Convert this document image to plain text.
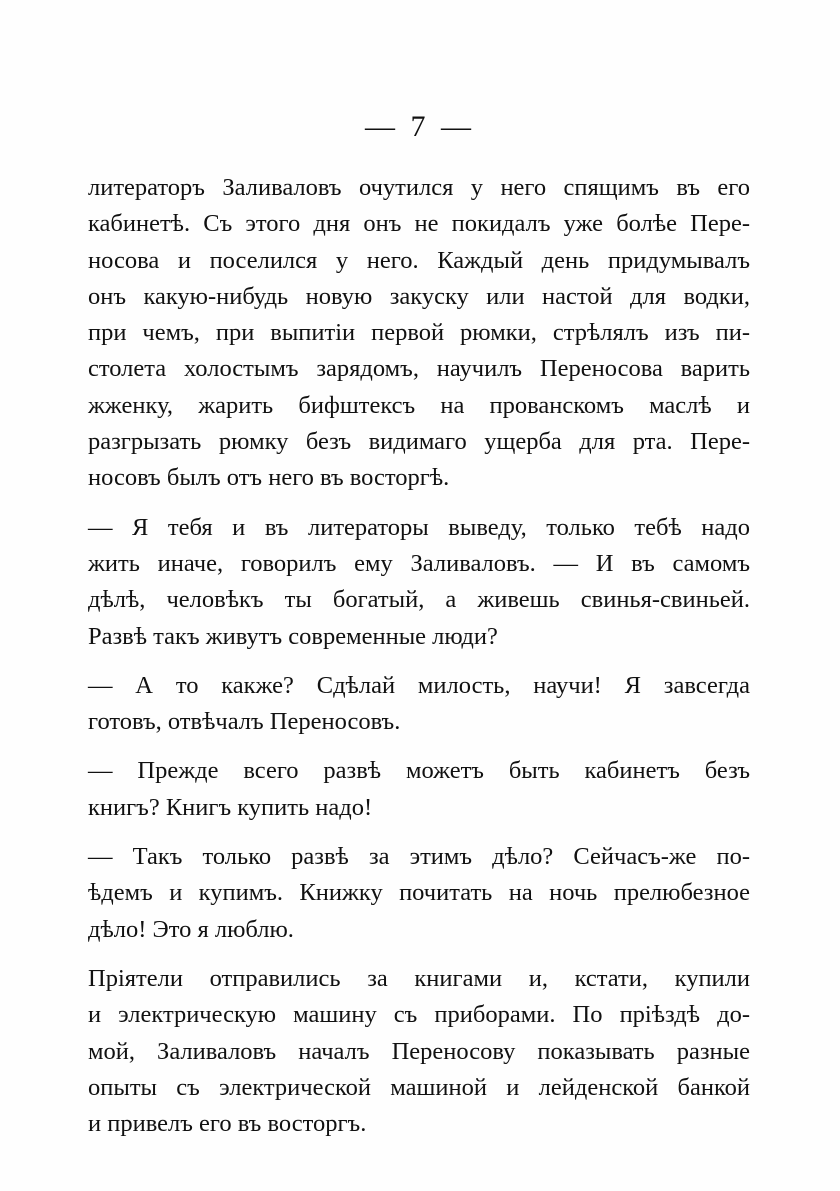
— 7 —
литераторъ Заливаловъ очутился у него спящимъ въ его
кабинетѣ. Съ этого дня онъ не покидалъ уже болѣе Пере-
носова и поселился у него. Каждый день придумывалъ
онъ какую-нибудь новую закуску или настой для водки,
при чемъ, при выпитіи первой рюмки, стрѣлялъ изъ пи-
столета холостымъ зарядомъ, научилъ Переносова варить
жженку, жарить бифштексъ на прованскомъ маслѣ и
разгрызать рюмку безъ видимаго ущерба для рта. Пере-
носовъ былъ отъ него въ восторгѣ.
— Я тебя и въ литераторы выведу, только тебѣ надо
жить иначе, говорилъ ему Заливаловъ. — И въ самомъ
дѣлѣ, человѣкъ ты богатый, а живешь свинья-свиньей.
Развѣ такъ живутъ современные люди?
— А то какже? Сдѣлай милость, научи! Я завсегда
готовъ, отвѣчалъ Переносовъ.
— Прежде всего развѣ можетъ быть кабинетъ безъ
книгъ? Книгъ купить надо!
— Такъ только развѣ за этимъ дѣло? Сейчасъ-же по-
ѣдемъ и купимъ. Книжку почитать на ночь прелюбезное
дѣло! Это я люблю.
Пріятели отправились за книгами и, кстати, купили
и электрическую машину съ приборами. По пріѣздѣ до-
мой, Заливаловъ началъ Переносову показывать разные
опыты съ электрической машиной и лейденской банкой
и привелъ его въ восторгъ.
